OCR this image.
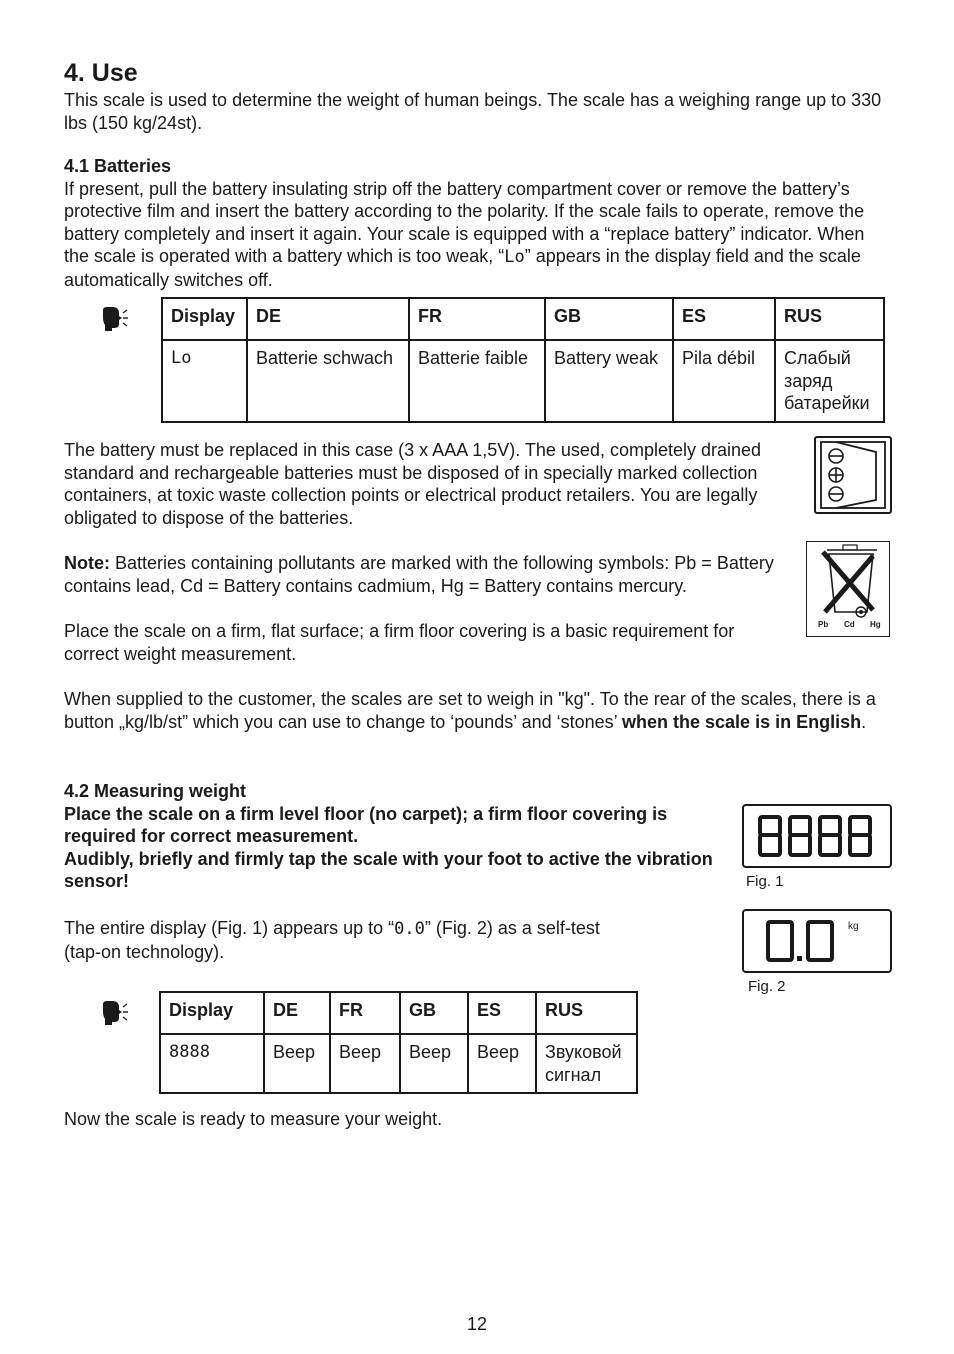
4. Use

This scale is used to determine the weight of human beings. The scale has a weighing range up to 330 lbs (150 kg/24st).

4.1 Batteries

If present, pull the battery insulating strip off the battery compartment cover or remove the battery’s protective film and insert the battery according to the polarity. If the scale fails to operate, remove the battery completely and insert it again. Your scale is equipped with a “replace battery” indicator. When the scale is operated with a battery which is too weak, “Lo” appears in the display field and the scale automatically switches off.

Display	DE	FR	GB	ES	RUS
Lo	Batterie schwach	Batterie faible	Battery weak	Pila débil	Слабый заряд батарейки

The battery must be replaced in this case (3 x AAA 1,5V). The used, completely drained standard and rechargeable batteries must be disposed of in specially marked collection containers, at toxic waste collection points or electrical product retailers. You are legally obligated to dispose of the batteries.

Note: Batteries containing pollutants are marked with the following symbols: Pb = Battery contains lead, Cd = Battery contains cadmium, Hg = Battery contains mercury.

Pb Cd Hg

Place the scale on a firm, flat surface; a firm floor covering is a basic requirement for correct weight measurement.

When supplied to the customer, the scales are set to weigh in "kg". To the rear of the scales, there is a button „kg/lb/st” which you can use to change to ‘pounds’ and ‘stones’ when the scale is in English.

4.2 Measuring weight

Place the scale on a firm level floor (no carpet); a firm floor covering is required for correct measurement.

Audibly, briefly and firmly tap the scale with your foot to active the vibration sensor!

The entire display (Fig. 1) appears up to “0.0” (Fig. 2) as a self-test (tap-on technology).

Fig. 1
kg
Fig. 2
Display	DE	FR	GB	ES	RUS
8888	Beep	Beep	Beep	Beep	Звуковой сигнал

Now the scale is ready to measure your weight.

12
